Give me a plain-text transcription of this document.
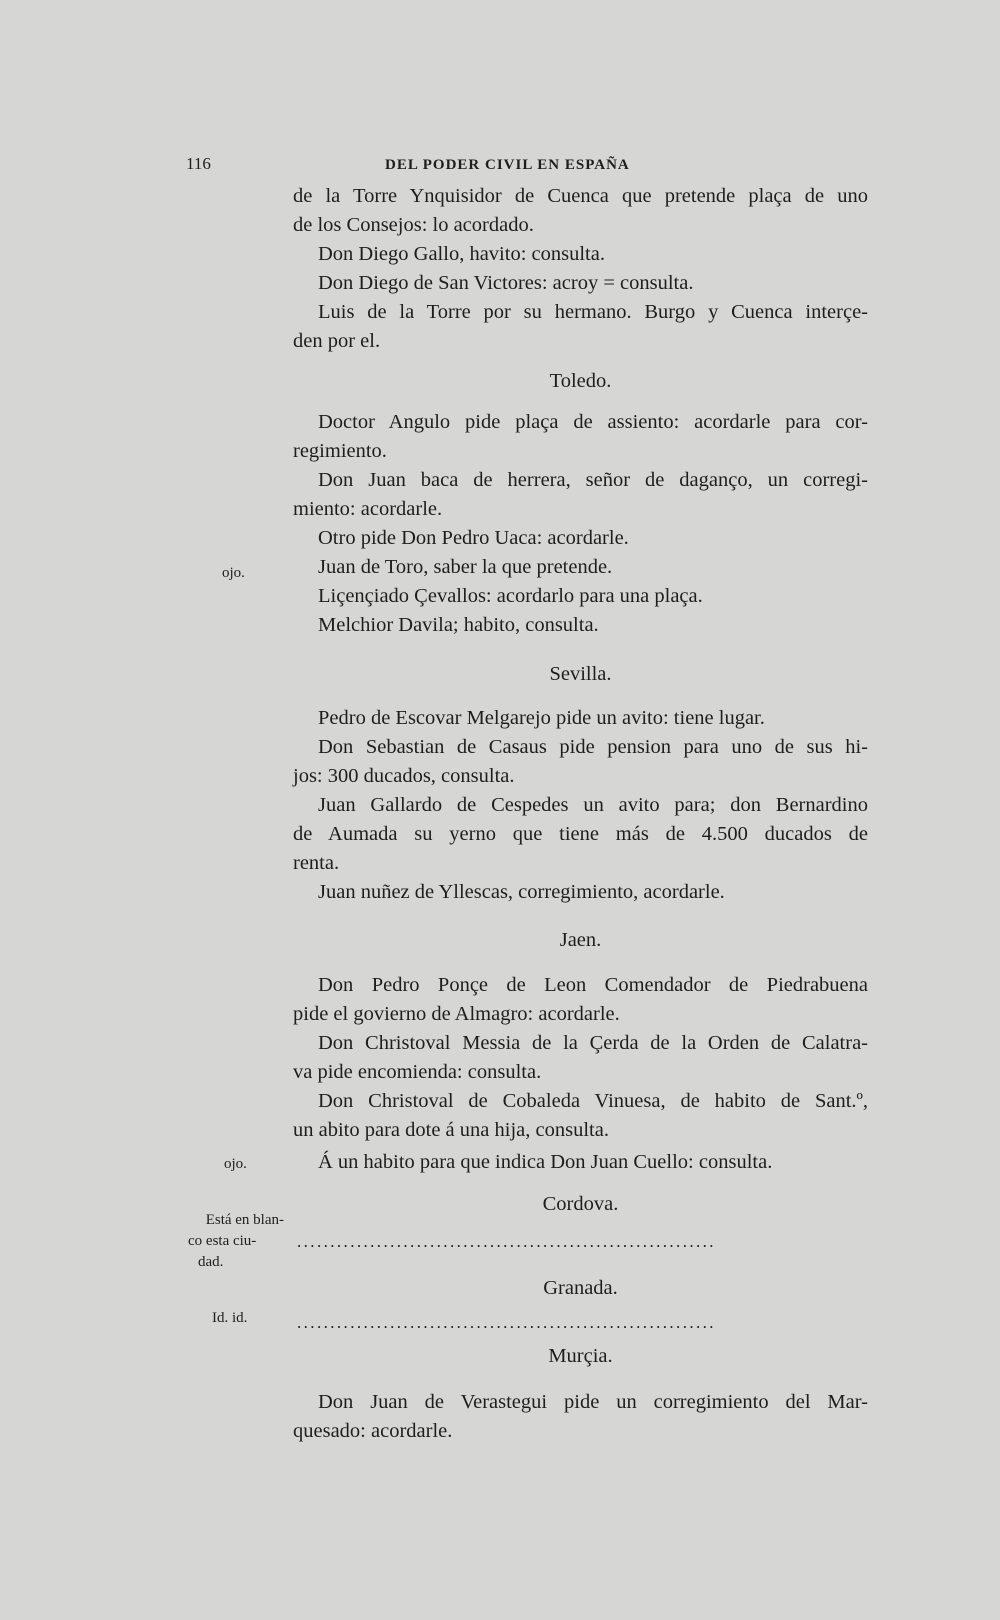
116	DEL PODER CIVIL EN ESPAÑA
de la Torre Ynquisidor de Cuenca que pretende plaça de uno
de los Consejos: lo acordado.
Don Diego Gallo, havito: consulta.
Don Diego de San Victores: acroy = consulta.
Luis de la Torre por su hermano. Burgo y Cuenca interçe-
den por el.
Toledo.
Doctor Angulo pide plaça de assiento: acordarle para cor-
regimiento.
Don Juan baca de herrera, señor de daganço, un corregi-
miento: acordarle.
Otro pide Don Pedro Uaca: acordarle.
Juan de Toro, saber la que pretende.
Liçençiado Çevallos: acordarlo para una plaça.
Melchior Davila; habito, consulta.
Sevilla.
Pedro de Escovar Melgarejo pide un avito: tiene lugar.
Don Sebastian de Casaus pide pension para uno de sus hi-
jos: 300 ducados, consulta.
Juan Gallardo de Cespedes un avito para; don Bernardino
de Aumada su yerno que tiene más de 4.500 ducados de
renta.
Juan nuñez de Yllescas, corregimiento, acordarle.
Jaen.
Don Pedro Ponçe de Leon Comendador de Piedrabuena
pide el govierno de Almagro: acordarle.
Don Christoval Messia de la Çerda de la Orden de Calatra-
va pide encomienda: consulta.
Don Christoval de Cobaleda Vinuesa, de habito de Sant.º,
un abito para dote á una hija, consulta.
Á un habito para que indica Don Juan Cuello: consulta.
Cordova.
...............................................................
Granada.
...............................................................
Murçia.
Don Juan de Verastegui pide un corregimiento del Mar-
quesado: acordarle.
ojo.
ojo.
Está en blan-
co esta ciu-
dad.
Id. id.
